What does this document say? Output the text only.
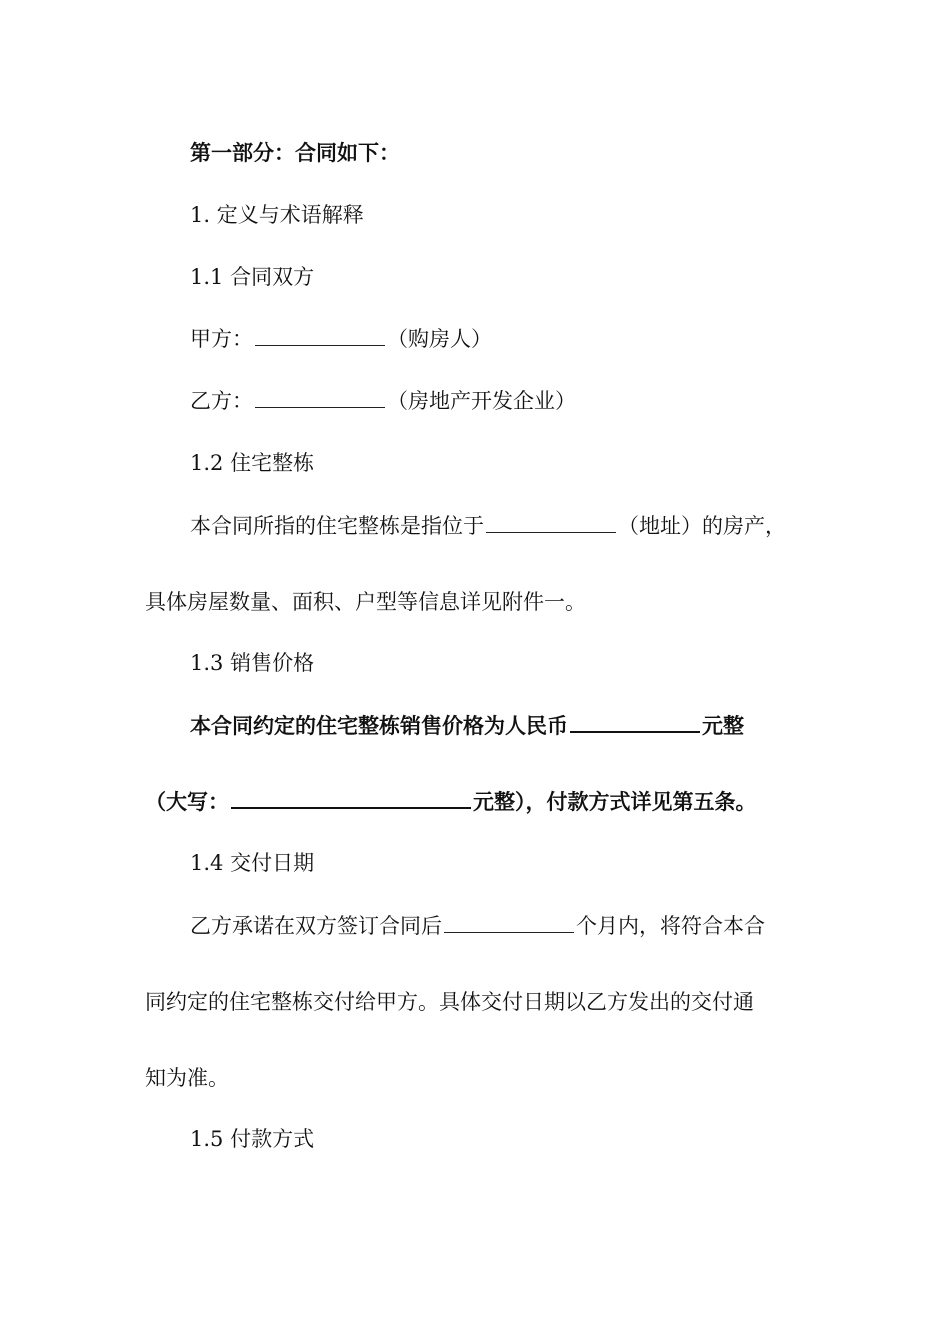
第一部分：合同如下：
1. 定义与术语解释
1.1 合同双方
甲方：	（购房人）
乙方：	（房地产开发企业）
1.2 住宅整栋
本合同所指的住宅整栋是指位于	（地址）的房产，
具体房屋数量、面积、户型等信息详见附件一。
1.3 销售价格
本合同约定的住宅整栋销售价格为人民币	元整
（大写：	元整），付款方式详见第五条。
1.4 交付日期
乙方承诺在双方签订合同后	个月内，将符合本合
同约定的住宅整栋交付给甲方。具体交付日期以乙方发出的交付通
知为准。
1.5 付款方式
